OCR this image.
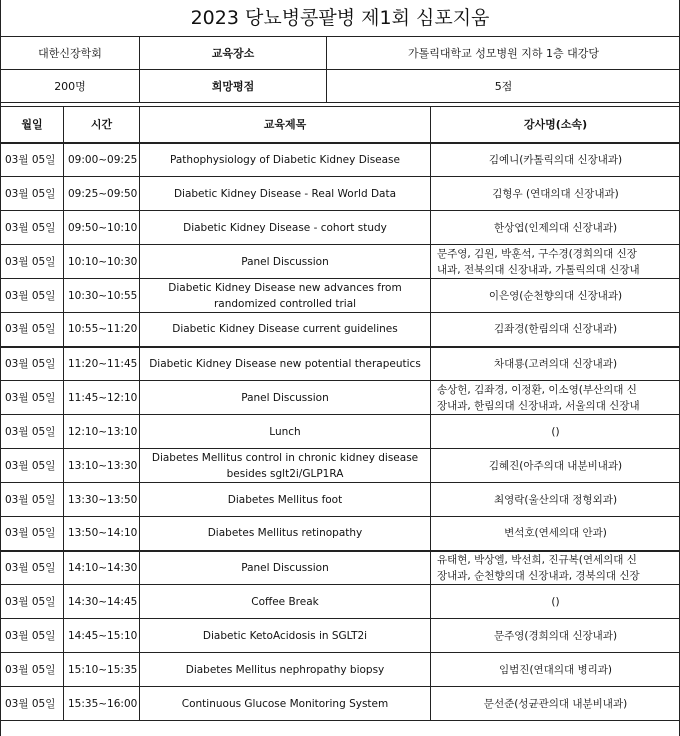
2023 당뇨병콩팥병 제1회 심포지움
대한신장학회	교육장소	가톨릭대학교 성모병원 지하 1층 대강당
200명	희망평점	5점
월일	시간	교육제목	강사명(소속)
03월 05일	09:00~09:25	Pathophysiology of Diabetic Kidney Disease	김예니(카톨릭의대 신장내과)
03월 05일	09:25~09:50	Diabetic Kidney Disease - Real World Data	김형우 (연대의대 신장내과)
03월 05일	09:50~10:10	Diabetic Kidney Disease - cohort study	한상엽(인제의대 신장내과)
03월 05일	10:10~10:30	Panel Discussion	문주영, 김원, 박훈석, 구수경(경희의대 신장
내과, 전북의대 신장내과, 가톨릭의대 신장내

03월 05일	10:30~10:55	Diabetic Kidney Disease new advances from randomized controlled trial	이은영(순천향의대 신장내과)
03월 05일	10:55~11:20	Diabetic Kidney Disease current guidelines	김좌경(한림의대 신장내과)
03월 05일	11:20~11:45	Diabetic Kidney Disease new potential therapeutics	차대룡(고려의대 신장내과)
03월 05일	11:45~12:10	Panel Discussion	송상헌, 김좌경, 이정환, 이소영(부산의대 신
장내과, 한림의대 신장내과, 서울의대 신장내

03월 05일	12:10~13:10	Lunch	()
03월 05일	13:10~13:30	Diabetes Mellitus control in chronic kidney disease besides sglt2i/GLP1RA	김혜진(아주의대 내분비내과)
03월 05일	13:30~13:50	Diabetes Mellitus foot	최영락(울산의대 정형외과)
03월 05일	13:50~14:10	Diabetes Mellitus retinopathy	변석호(연세의대 안과)
03월 05일	14:10~14:30	Panel Discussion	유태현, 박상엘, 박선희, 진규복(연세의대 신
장내과, 순천향의대 신장내과, 경북의대 신장

03월 05일	14:30~14:45	Coffee Break	()
03월 05일	14:45~15:10	Diabetic KetoAcidosis in SGLT2i	문주영(경희의대 신장내과)
03월 05일	15:10~15:35	Diabetes Mellitus nephropathy biopsy	임범진(연대의대 병리과)
03월 05일	15:35~16:00	Continuous Glucose Monitoring System	문선준(성균관의대 내분비내과)
